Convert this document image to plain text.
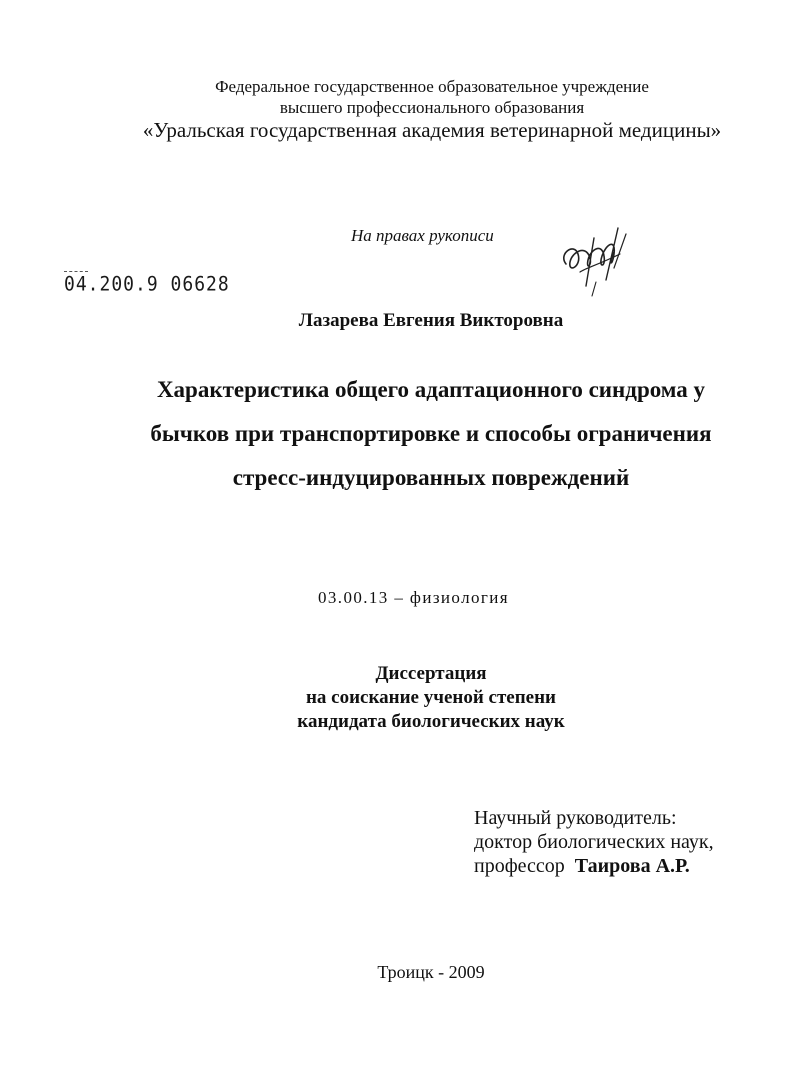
Федеральное государственное образовательное учреждение
высшего профессионального образования
«Уральская государственная академия ветеринарной медицины»
На правах рукописи
04.200.9 06628
Лазарева Евгения Викторовна
Характеристика общего адаптационного синдрома у
бычков при транспортировке и способы ограничения
стресс-индуцированных повреждений
03.00.13 – физиология
Диссертация
на соискание ученой степени
кандидата биологических наук
Научный руководитель:
доктор биологических наук,
профессор Таирова А.Р.
Троицк - 2009
